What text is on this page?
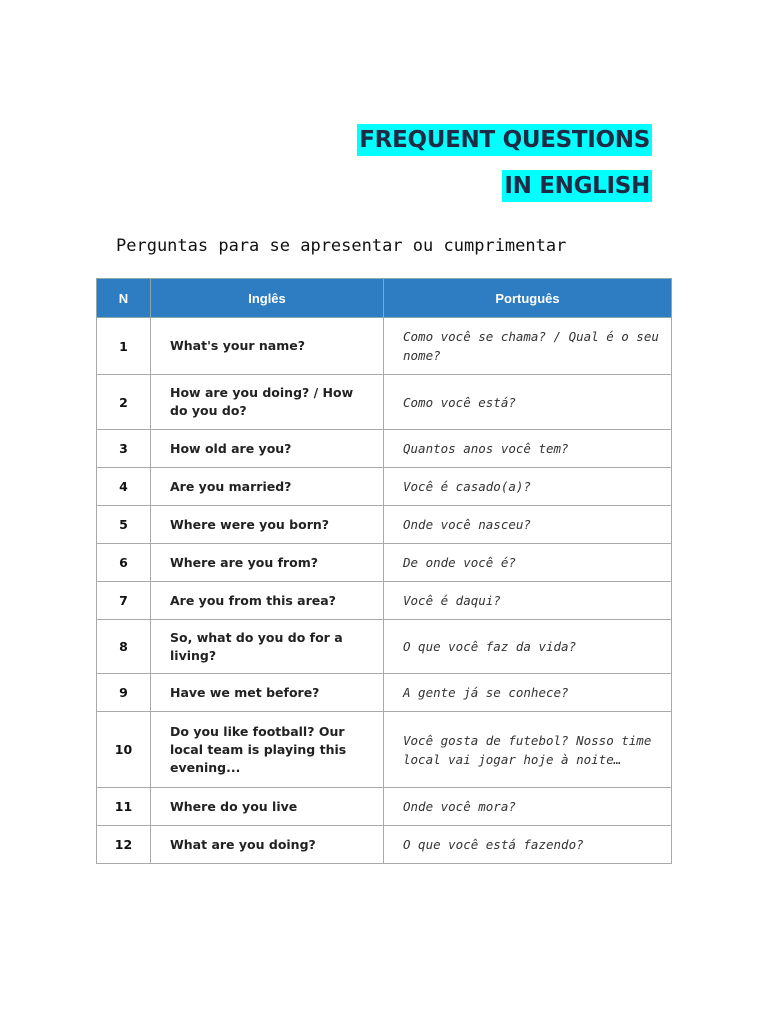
FREQUENT QUESTIONS
IN ENGLISH
Perguntas para se apresentar ou cumprimentar
N	Inglês	Português
1	What's your name?	Como você se chama? / Qual é o seu nome?
2	How are you doing? / How do you do?	Como você está?
3	How old are you?	Quantos anos você tem?
4	Are you married?	Você é casado(a)?
5	Where were you born?	Onde você nasceu?
6	Where are you from?	De onde você é?
7	Are you from this area?	Você é daqui?
8	So, what do you do for a living?	O que você faz da vida?
9	Have we met before?	A gente já se conhece?
10	Do you like football? Our local team is playing this evening...	Você gosta de futebol? Nosso time local vai jogar hoje à noite…
11	Where do you live	Onde você mora?
12	What are you doing?	O que você está fazendo?
